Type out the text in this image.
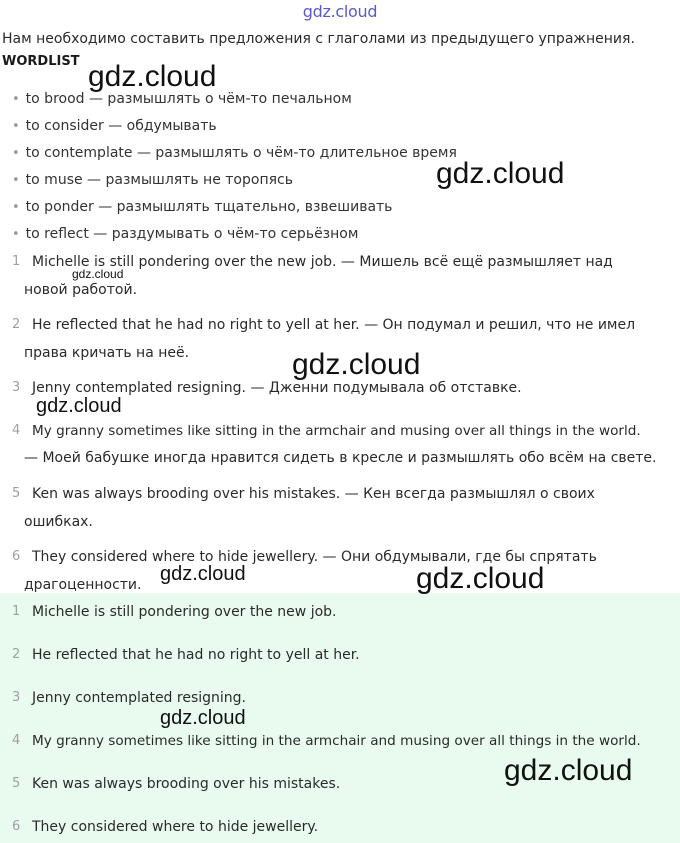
gdz.cloud
Нам необходимо составить предложения с глаголами из предыдущего упражнения.
WORDLIST
• to brood — размышлять о чём-то печальном
• to consider — обдумывать
• to contemplate — размышлять о чём-то длительное время
• to muse — размышлять не торопясь
• to ponder — размышлять тщательно, взвешивать
• to reflect — раздумывать о чём-то серьёзном
1 Michelle is still pondering over the new job. — Мишель всё ещё размышляет над
новой работой.
2 He reflected that he had no right to yell at her. — Он подумал и решил, что не имел
права кричать на неё.
3 Jenny contemplated resigning. — Дженни подумывала об отставке.
4 My granny sometimes like sitting in the armchair and musing over all things in the world.
— Моей бабушке иногда нравится сидеть в кресле и размышлять обо всём на свете.
5 Ken was always brooding over his mistakes. — Кен всегда размышлял о своих
ошибках.
6 They considered where to hide jewellery. — Они обдумывали, где бы спрятать
драгоценности.
1 Michelle is still pondering over the new job.
2 He reflected that he had no right to yell at her.
3 Jenny contemplated resigning.
4 My granny sometimes like sitting in the armchair and musing over all things in the world.
5 Ken was always brooding over his mistakes.
6 They considered where to hide jewellery.
gdz.cloud
gdz.cloud
gdz.cloud
gdz.cloud
gdz.cloud
gdz.cloud	gdz.cloud
gdz.cloud
gdz.cloud
